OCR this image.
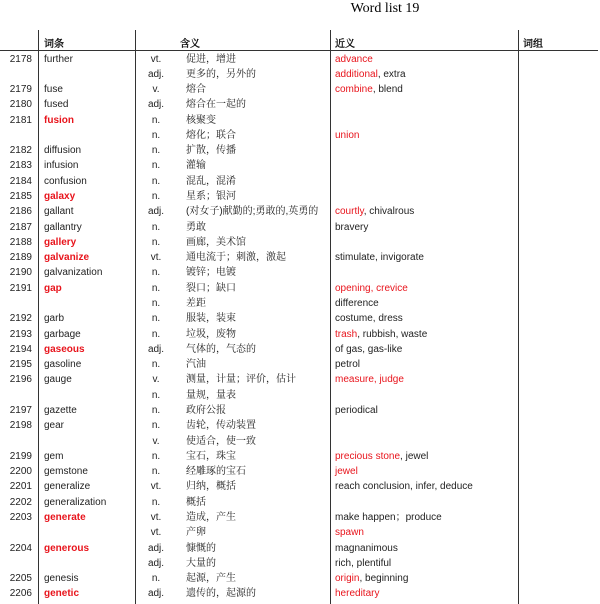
Word list 19
词条	含义	近义	词组
2178 further	vt.	促进，增进	advance
adj.	更多的，另外的	additional, extra
2179 fuse	v.	熔合	combine, blend
2180 fused	adj.	熔合在一起的
2181 fusion	n.	核聚变
n.	熔化；联合	union
2182 diffusion	n.	扩散，传播
2183 infusion	n.	灌输
2184 confusion	n.	混乱，混淆
2185 galaxy	n.	星系；银河
2186 gallant	adj.	(对女子)献勤的;勇敢的,英勇的 courtly, chivalrous
2187 gallantry	n.	勇敢	bravery
2188 gallery	n.	画廊，美术馆
2189 galvanize	vt.	通电流于；刺激，激起	stimulate, invigorate
2190 galvanization	n.	镀锌；电镀
2191 gap	n.	裂口；缺口	opening, crevice
n.	差距	difference
2192 garb	n.	服装，装束	costume, dress
2193 garbage	n.	垃圾，废物	trash, rubbish, waste
2194 gaseous	adj.	气体的，气态的	of gas, gas-like
2195 gasoline	n.	汽油	petrol
2196 gauge	v.	测量，计量；评价，估计	measure, judge
n.	量规，量表
2197 gazette	n.	政府公报	periodical
2198 gear	n.	齿轮，传动装置
v.	使适合，使一致
2199 gem	n.	宝石，珠宝	precious stone, jewel
2200 gemstone	n.	经雕琢的宝石	jewel
2201 generalize	vt.	归纳，概括	reach conclusion, infer, deduce
2202 generalization	n.	概括
2203 generate	vt.	造成，产生	make happen；produce
vt.	产卵	spawn
2204 generous	adj.	慷慨的	magnanimous
adj.	大量的	rich, plentiful
2205 genesis	n.	起源，产生	origin, beginning
2206 genetic	adj.	遗传的，起源的	hereditary
